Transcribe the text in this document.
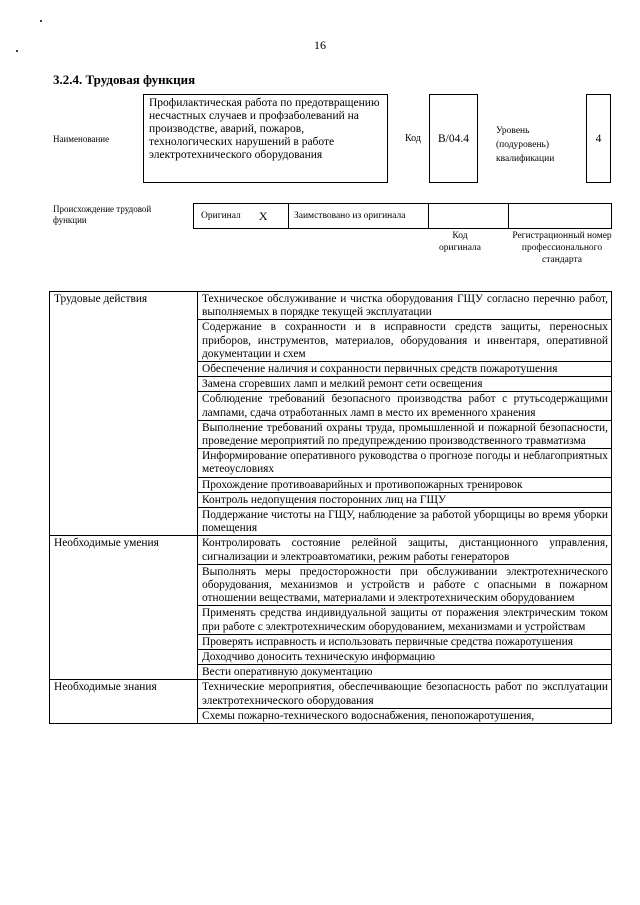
16
3.2.4. Трудовая функция
Наименование
Профилактическая работа по предотвращению несчастных случаев и профзаболеваний на производстве, аварий, пожаров, технологических нарушений в работе электротехнического оборудования
Код	B/04.4
Уровень (подуровень) квалификации
4
Происхождение трудовой функции	Оригинал X	Заимствовано из оригинала
Код оригинала
Регистрационный номер профессионального стандарта
Трудовые действия	Техническое обслуживание и чистка оборудования ГЩУ согласно перечню работ, выполняемых в порядке текущей эксплуатации
	Содержание в сохранности и в исправности средств защиты, переносных приборов, инструментов, материалов, оборудования и инвентаря, оперативной документации и схем
	Обеспечение наличия и сохранности первичных средств пожаротушения
	Замена сгоревших ламп и мелкий ремонт сети освещения
	Соблюдение требований безопасного производства работ с ртутьсодержащими лампами, сдача отработанных ламп в место их временного хранения
	Выполнение требований охраны труда, промышленной и пожарной безопасности, проведение мероприятий по предупреждению производственного травматизма
	Информирование оперативного руководства о прогнозе погоды и неблагоприятных метеоусловиях
	Прохождение противоаварийных и противопожарных тренировок
	Контроль недопущения посторонних лиц на ГЩУ
	Поддержание чистоты на ГЩУ, наблюдение за работой уборщицы во время уборки помещения
Необходимые умения	Контролировать состояние релейной защиты, дистанционного управления, сигнализации и электроавтоматики, режим работы генераторов
	Выполнять меры предосторожности при обслуживании электротехнического оборудования, механизмов и устройств и работе с опасными в пожарном отношении веществами, материалами и электротехническим оборудованием
	Применять средства индивидуальной защиты от поражения электрическим током при работе с электротехническим оборудованием, механизмами и устройствам
	Проверять исправность и использовать первичные средства пожаротушения
	Доходчиво доносить техническую информацию
	Вести оперативную документацию
Необходимые знания	Технические мероприятия, обеспечивающие безопасность работ по эксплуатации электротехнического оборудования
	Схемы пожарно-технического водоснабжения, пенопожаротушения,
